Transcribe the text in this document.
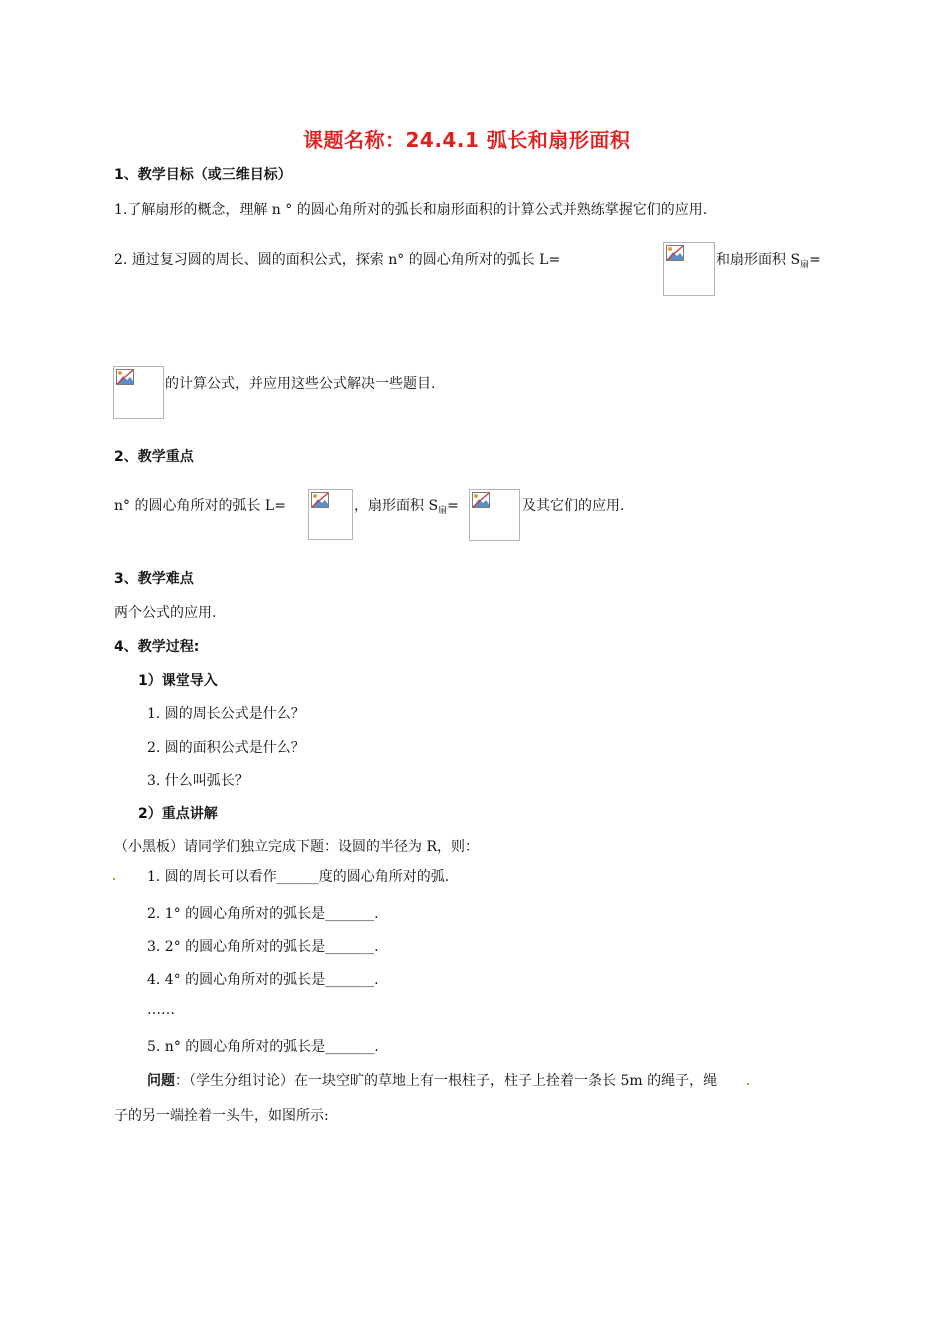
课题名称：24.4.1 弧长和扇形面积
1、教学目标（或三维目标）
1.了解扇形的概念，理解 n ° 的圆心角所对的弧长和扇形面积的计算公式并熟练掌握它们的应用.
2. 通过复习圆的周长、圆的面积公式，探索 n° 的圆心角所对的弧长 L=	和扇形面积 $S_扇=$
的计算公式，并应用这些公式解决一些题目.
2、教学重点
n° 的圆心角所对的弧长 L=	，扇形面积 $S_扇=$	及其它们的应用.
3、教学难点
两个公式的应用.
4、教学过程:
1）课堂导入
1. 圆的周长公式是什么？
2. 圆的面积公式是什么？
3. 什么叫弧长？
2）重点讲解
（小黑板）请同学们独立完成下题：设圆的半径为 R，则：
1. 圆的周长可以看作______度的圆心角所对的弧.
2. 1° 的圆心角所对的弧长是_______.
3. 2° 的圆心角所对的弧长是_______.
4. 4° 的圆心角所对的弧长是_______.
……
5. n° 的圆心角所对的弧长是_______.
问题：（学生分组讨论）在一块空旷的草地上有一根柱子，柱子上拴着一条长 5m 的绳子，绳
子的另一端拴着一头牛，如图所示:
